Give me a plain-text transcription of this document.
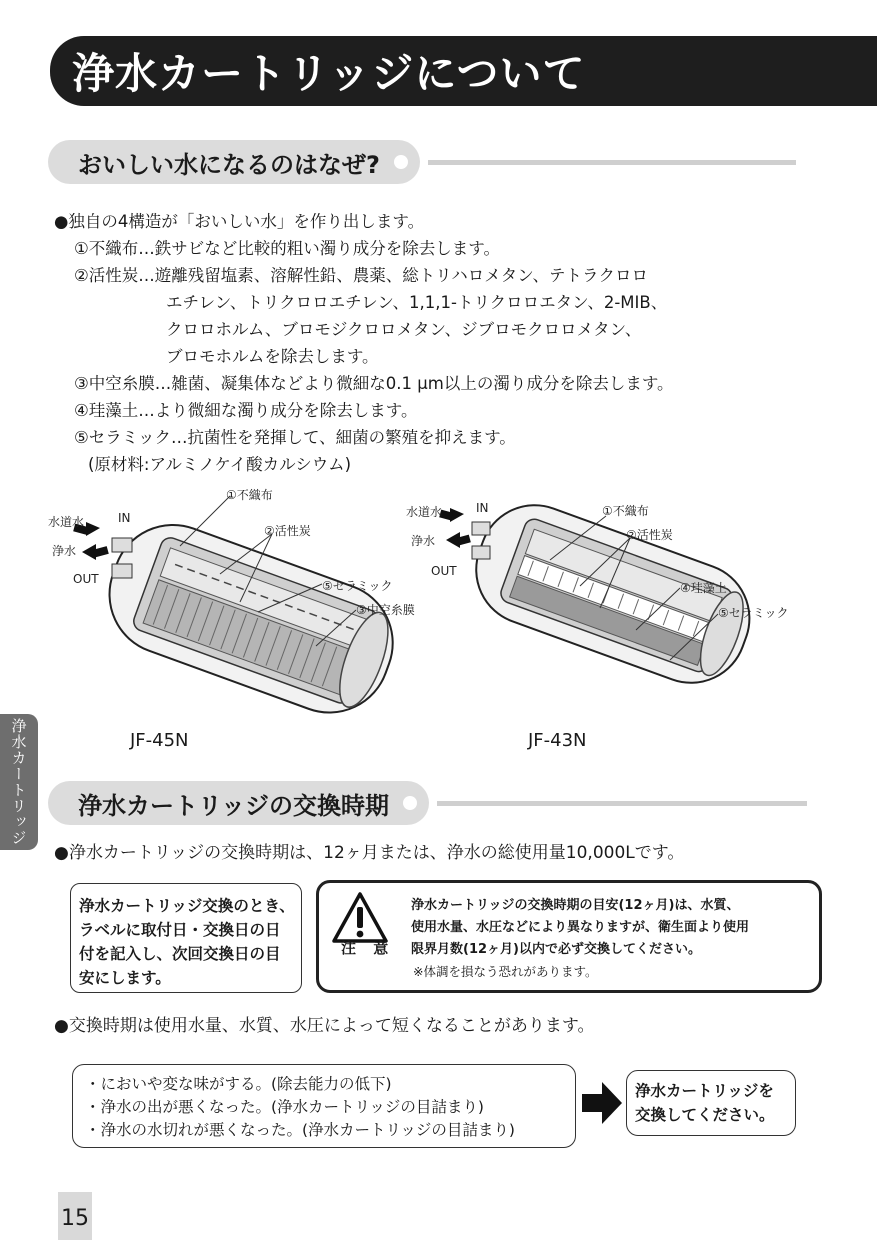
浄水カートリッジについて
おいしい水になるのはなぜ?
●独自の4構造が「おいしい水」を作り出します。
①不織布…鉄サビなど比較的粗い濁り成分を除去します。
②活性炭…遊離残留塩素、溶解性鉛、農薬、総トリハロメタン、テトラクロロ
エチレン、トリクロロエチレン、1,1,1-トリクロロエタン、2-MIB、
クロロホルム、ブロモジクロロメタン、ジブロモクロロメタン、
ブロモホルムを除去します。
③中空糸膜…雑菌、凝集体などより微細な0.1 μm以上の濁り成分を除去します。
④珪藻土…より微細な濁り成分を除去します。
⑤セラミック…抗菌性を発揮して、細菌の繁殖を抑えます。
(原材料:アルミノケイ酸カルシウム)
水道水	IN
浄水
OUT
①不織布
②活性炭
⑤セラミック
③中空糸膜
JF-45N
水道水	IN
浄水
OUT
①不織布
②活性炭
④珪藻土
⑤セラミック
JF-43N
浄水カートリッジ	浄水カートリッジの交換時期
●浄水カートリッジの交換時期は、12ヶ月または、浄水の総使用量10,000Lです。
浄水カートリッジ交換のとき、
ラベルに取付日・交換日の日
付を記入し、次回交換日の目
安にします。
注 意
浄水カートリッジの交換時期の目安(12ヶ月)は、水質、
使用水量、水圧などにより異なりますが、衛生面より使用
限界月数(12ヶ月)以内で必ず交換してください。
※体調を損なう恐れがあります。
●交換時期は使用水量、水質、水圧によって短くなることがあります。
・においや変な味がする。(除去能力の低下)
・浄水の出が悪くなった。(浄水カートリッジの目詰まり)
・浄水の水切れが悪くなった。(浄水カートリッジの目詰まり)
浄水カートリッジを
交換してください。
15
